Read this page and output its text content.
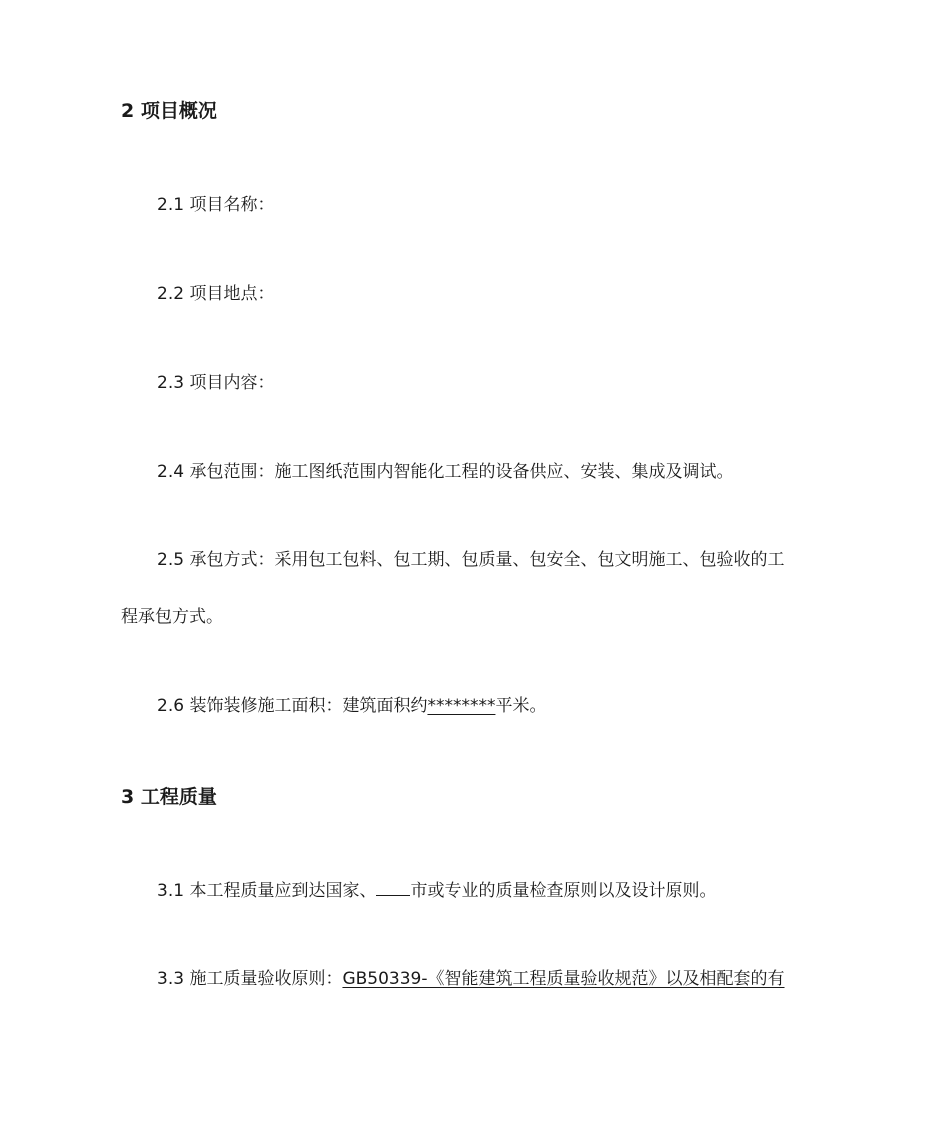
2 项目概况
2.1 项目名称：
2.2 项目地点：
2.3 项目内容：
2.4 承包范围：施工图纸范围内智能化工程的设备供应、安装、集成及调试。
2.5 承包方式：采用包工包料、包工期、包质量、包安全、包文明施工、包验收的工
程承包方式。
2.6 装饰装修施工面积：建筑面积约********平米。
3 工程质量
3.1 本工程质量应到达国家、 市或专业的质量检查原则以及设计原则。
3.3 施工质量验收原则：GB50339-《智能建筑工程质量验收规范》以及相配套的有
